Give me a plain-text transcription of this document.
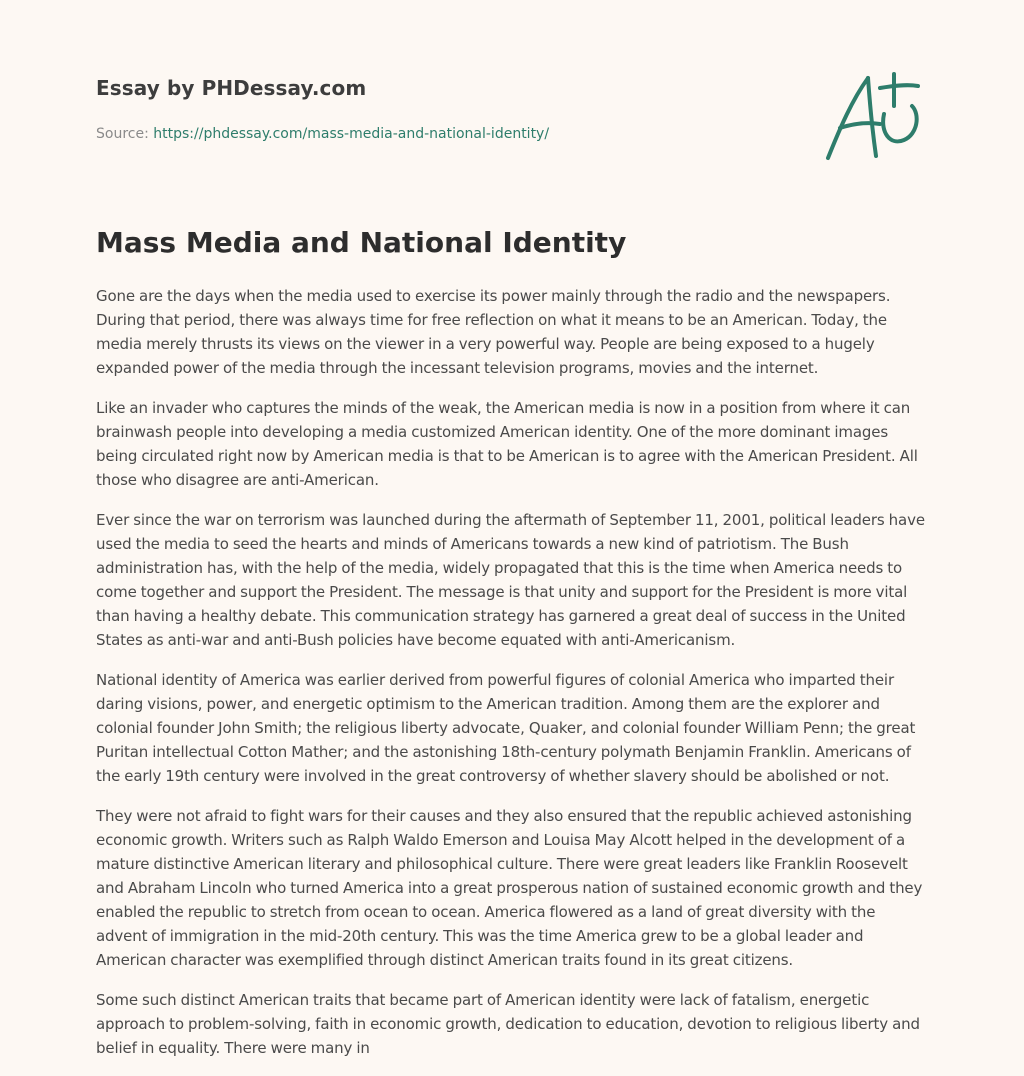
Essay by PHDessay.com
Source: https://phdessay.com/mass-media-and-national-identity/
Mass Media and National Identity

Gone are the days when the media used to exercise its power mainly through the radio and the newspapers. During that period, there was always time for free reflection on what it means to be an American. Today, the media merely thrusts its views on the viewer in a very powerful way. People are being exposed to a hugely expanded power of the media through the incessant television programs, movies and the internet.

Like an invader who captures the minds of the weak, the American media is now in a position from where it can brainwash people into developing a media customized American identity. One of the more dominant images being circulated right now by American media is that to be American is to agree with the American President. All those who disagree are anti-American.

Ever since the war on terrorism was launched during the aftermath of September 11, 2001, political leaders have used the media to seed the hearts and minds of Americans towards a new kind of patriotism. The Bush administration has, with the help of the media, widely propagated that this is the time when America needs to come together and support the President. The message is that unity and support for the President is more vital than having a healthy debate. This communication strategy has garnered a great deal of success in the United States as anti-war and anti-Bush policies have become equated with anti-Americanism.

National identity of America was earlier derived from powerful figures of colonial America who imparted their daring visions, power, and energetic optimism to the American tradition. Among them are the explorer and colonial founder John Smith; the religious liberty advocate, Quaker, and colonial founder William Penn; the great Puritan intellectual Cotton Mather; and the astonishing 18th-century polymath Benjamin Franklin. Americans of the early 19th century were involved in the great controversy of whether slavery should be abolished or not.

They were not afraid to fight wars for their causes and they also ensured that the republic achieved astonishing economic growth. Writers such as Ralph Waldo Emerson and Louisa May Alcott helped in the development of a mature distinctive American literary and philosophical culture. There were great leaders like Franklin Roosevelt and Abraham Lincoln who turned America into a great prosperous nation of sustained economic growth and they enabled the republic to stretch from ocean to ocean. America flowered as a land of great diversity with the advent of immigration in the mid-20th century. This was the time America grew to be a global leader and American character was exemplified through distinct American traits found in its great citizens.

Some such distinct American traits that became part of American identity were lack of fatalism, energetic approach to problem-solving, faith in economic growth, dedication to education, devotion to religious liberty and belief in equality. There were many in
